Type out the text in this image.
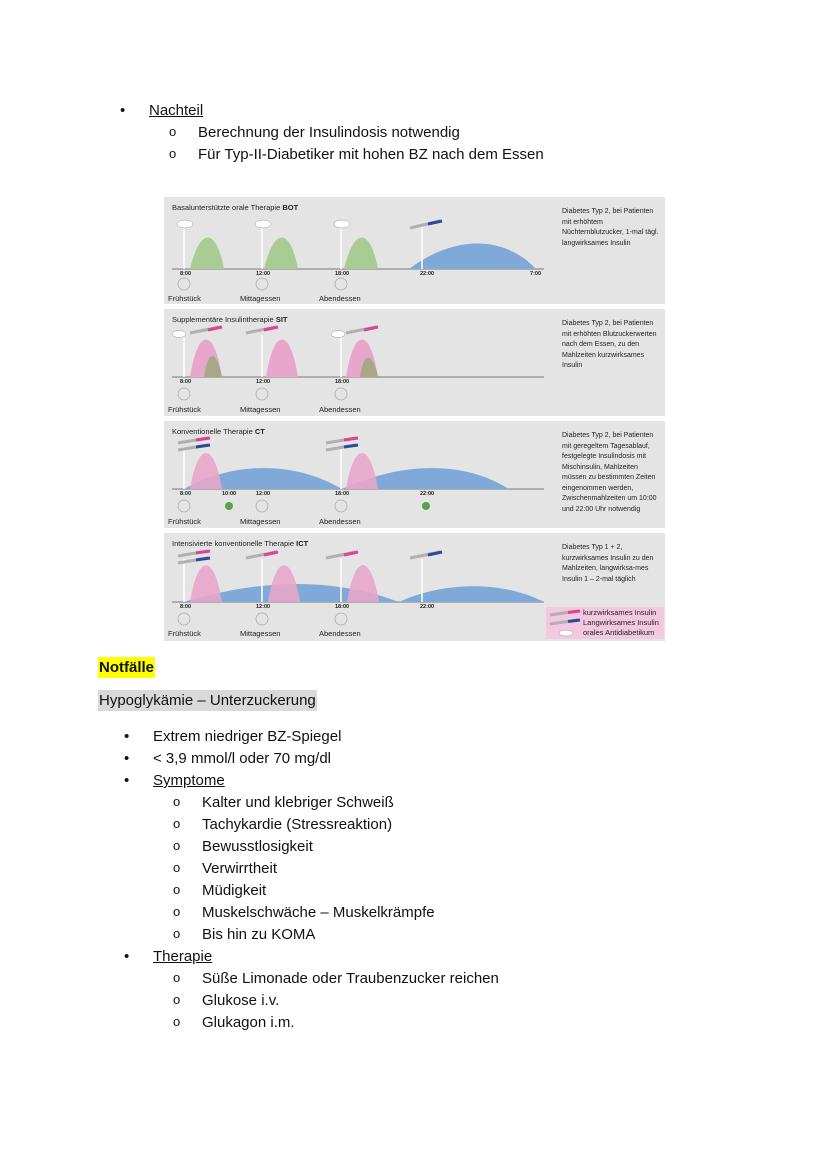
• Nachteil
o Berechnung der Insulindosis notwendig
o Für Typ-II-Diabetiker mit hohen BZ nach dem Essen
Basalunterstützte orale Therapie BOT	Diabetes Typ 2, bei Patienten mit erhöhtem Nüchternblutzucker, 1-mal tägl. langwirksames Insulin
8:00	12:00	18:00	22:00	7:00
Frühstück	Mittagessen	Abendessen
Supplementäre Insulintherapie SIT	Diabetes Typ 2, bei Patienten mit erhöhten Blutzuckerwerten nach dem Essen, zu den Mahlzeiten kurzwirksames Insulin
8:00	12:00	18:00
Frühstück	Mittagessen	Abendessen
Konventionelle Therapie CT	Diabetes Typ 2, bei Patienten mit geregeltem Tagesablauf, festgelegte Insulindosis mit Mischinsulin, Mahlzeiten müssen zu bestimmten Zeiten eingenommen werden, Zwischenmahlzeiten um 10:00 und 22:00 Uhr notwendig
8:00	10:00	12:00	18:00	22:00
Frühstück	Mittagessen	Abendessen
Intensivierte konventionelle Therapie ICT	Diabetes Typ 1 + 2, kurzwirksames Insulin zu den Mahlzeiten, langwirksa-mes Insulin 1 – 2-mal täglich
8:00	12:00	18:00	22:00
Frühstück	Mittagessen	Abendessen
kurzwirksames Insulin
Langwirksames Insulin
orales Antidiabetikum
Notfälle
Hypoglykämie – Unterzuckerung
• Extrem niedriger BZ-Spiegel
• < 3,9 mmol/l oder 70 mg/dl
• Symptome
o Kalter und klebriger Schweiß
o Tachykardie (Stressreaktion)
o Bewusstlosigkeit
o Verwirrtheit
o Müdigkeit
o Muskelschwäche – Muskelkrämpfe
o Bis hin zu KOMA
• Therapie
o Süße Limonade oder Traubenzucker reichen
o Glukose i.v.
o Glukagon i.m.
